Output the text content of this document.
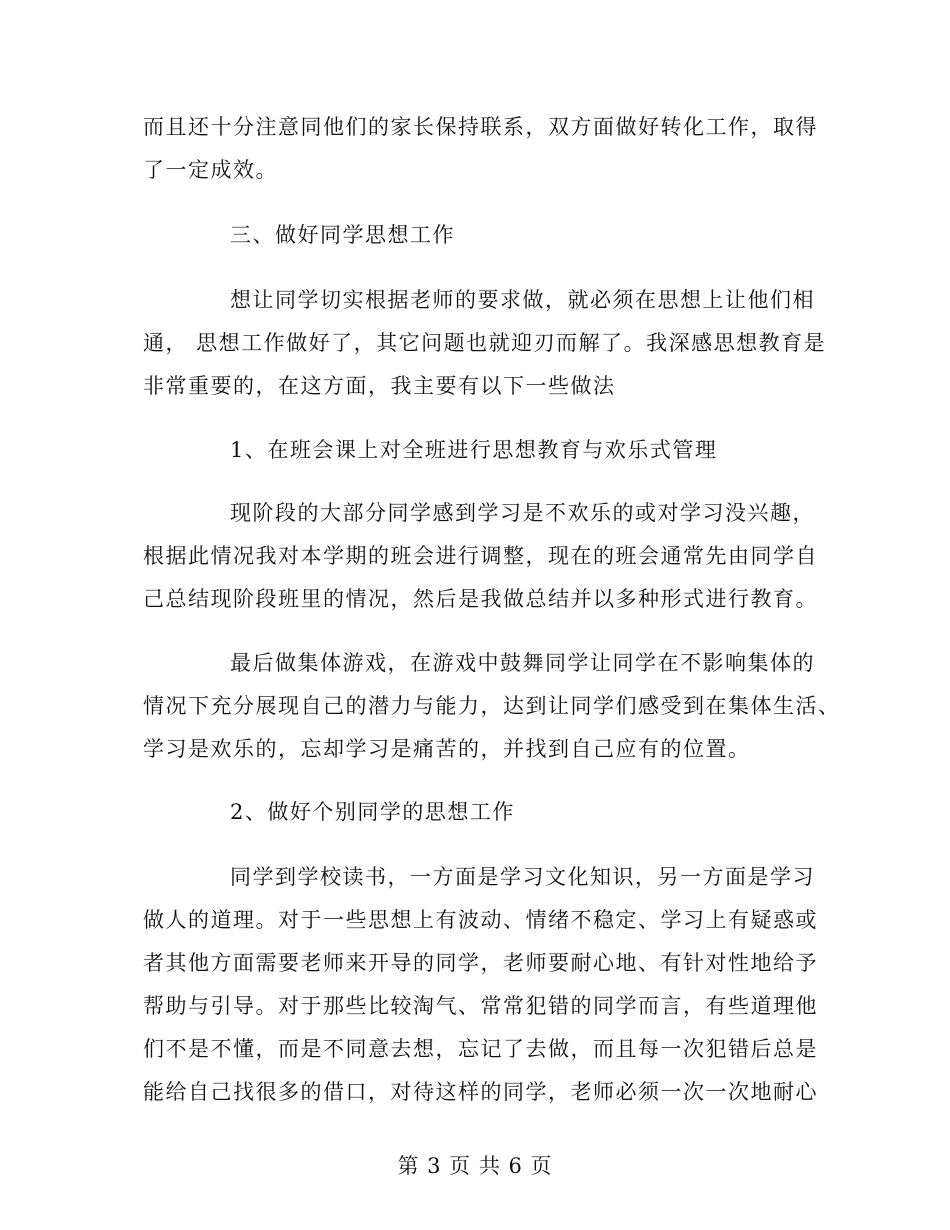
而且还十分注意同他们的家长保持联系，双方面做好转化工作，取得
了一定成效。
三、做好同学思想工作
想让同学切实根据老师的要求做，就必须在思想上让他们相
通， 思想工作做好了，其它问题也就迎刃而解了。我深感思想教育是
非常重要的，在这方面，我主要有以下一些做法
1、在班会课上对全班进行思想教育与欢乐式管理
现阶段的大部分同学感到学习是不欢乐的或对学习没兴趣，
根据此情况我对本学期的班会进行调整，现在的班会通常先由同学自
己总结现阶段班里的情况，然后是我做总结并以多种形式进行教育。
最后做集体游戏，在游戏中鼓舞同学让同学在不影响集体的
情况下充分展现自己的潜力与能力，达到让同学们感受到在集体生活、
学习是欢乐的，忘却学习是痛苦的，并找到自己应有的位置。
2、做好个别同学的思想工作
同学到学校读书，一方面是学习文化知识，另一方面是学习
做人的道理。对于一些思想上有波动、情绪不稳定、学习上有疑惑或
者其他方面需要老师来开导的同学，老师要耐心地、有针对性地给予
帮助与引导。对于那些比较淘气、常常犯错的同学而言，有些道理他
们不是不懂，而是不同意去想，忘记了去做，而且每一次犯错后总是
能给自己找很多的借口，对待这样的同学，老师必须一次一次地耐心
第 3 页 共 6 页
